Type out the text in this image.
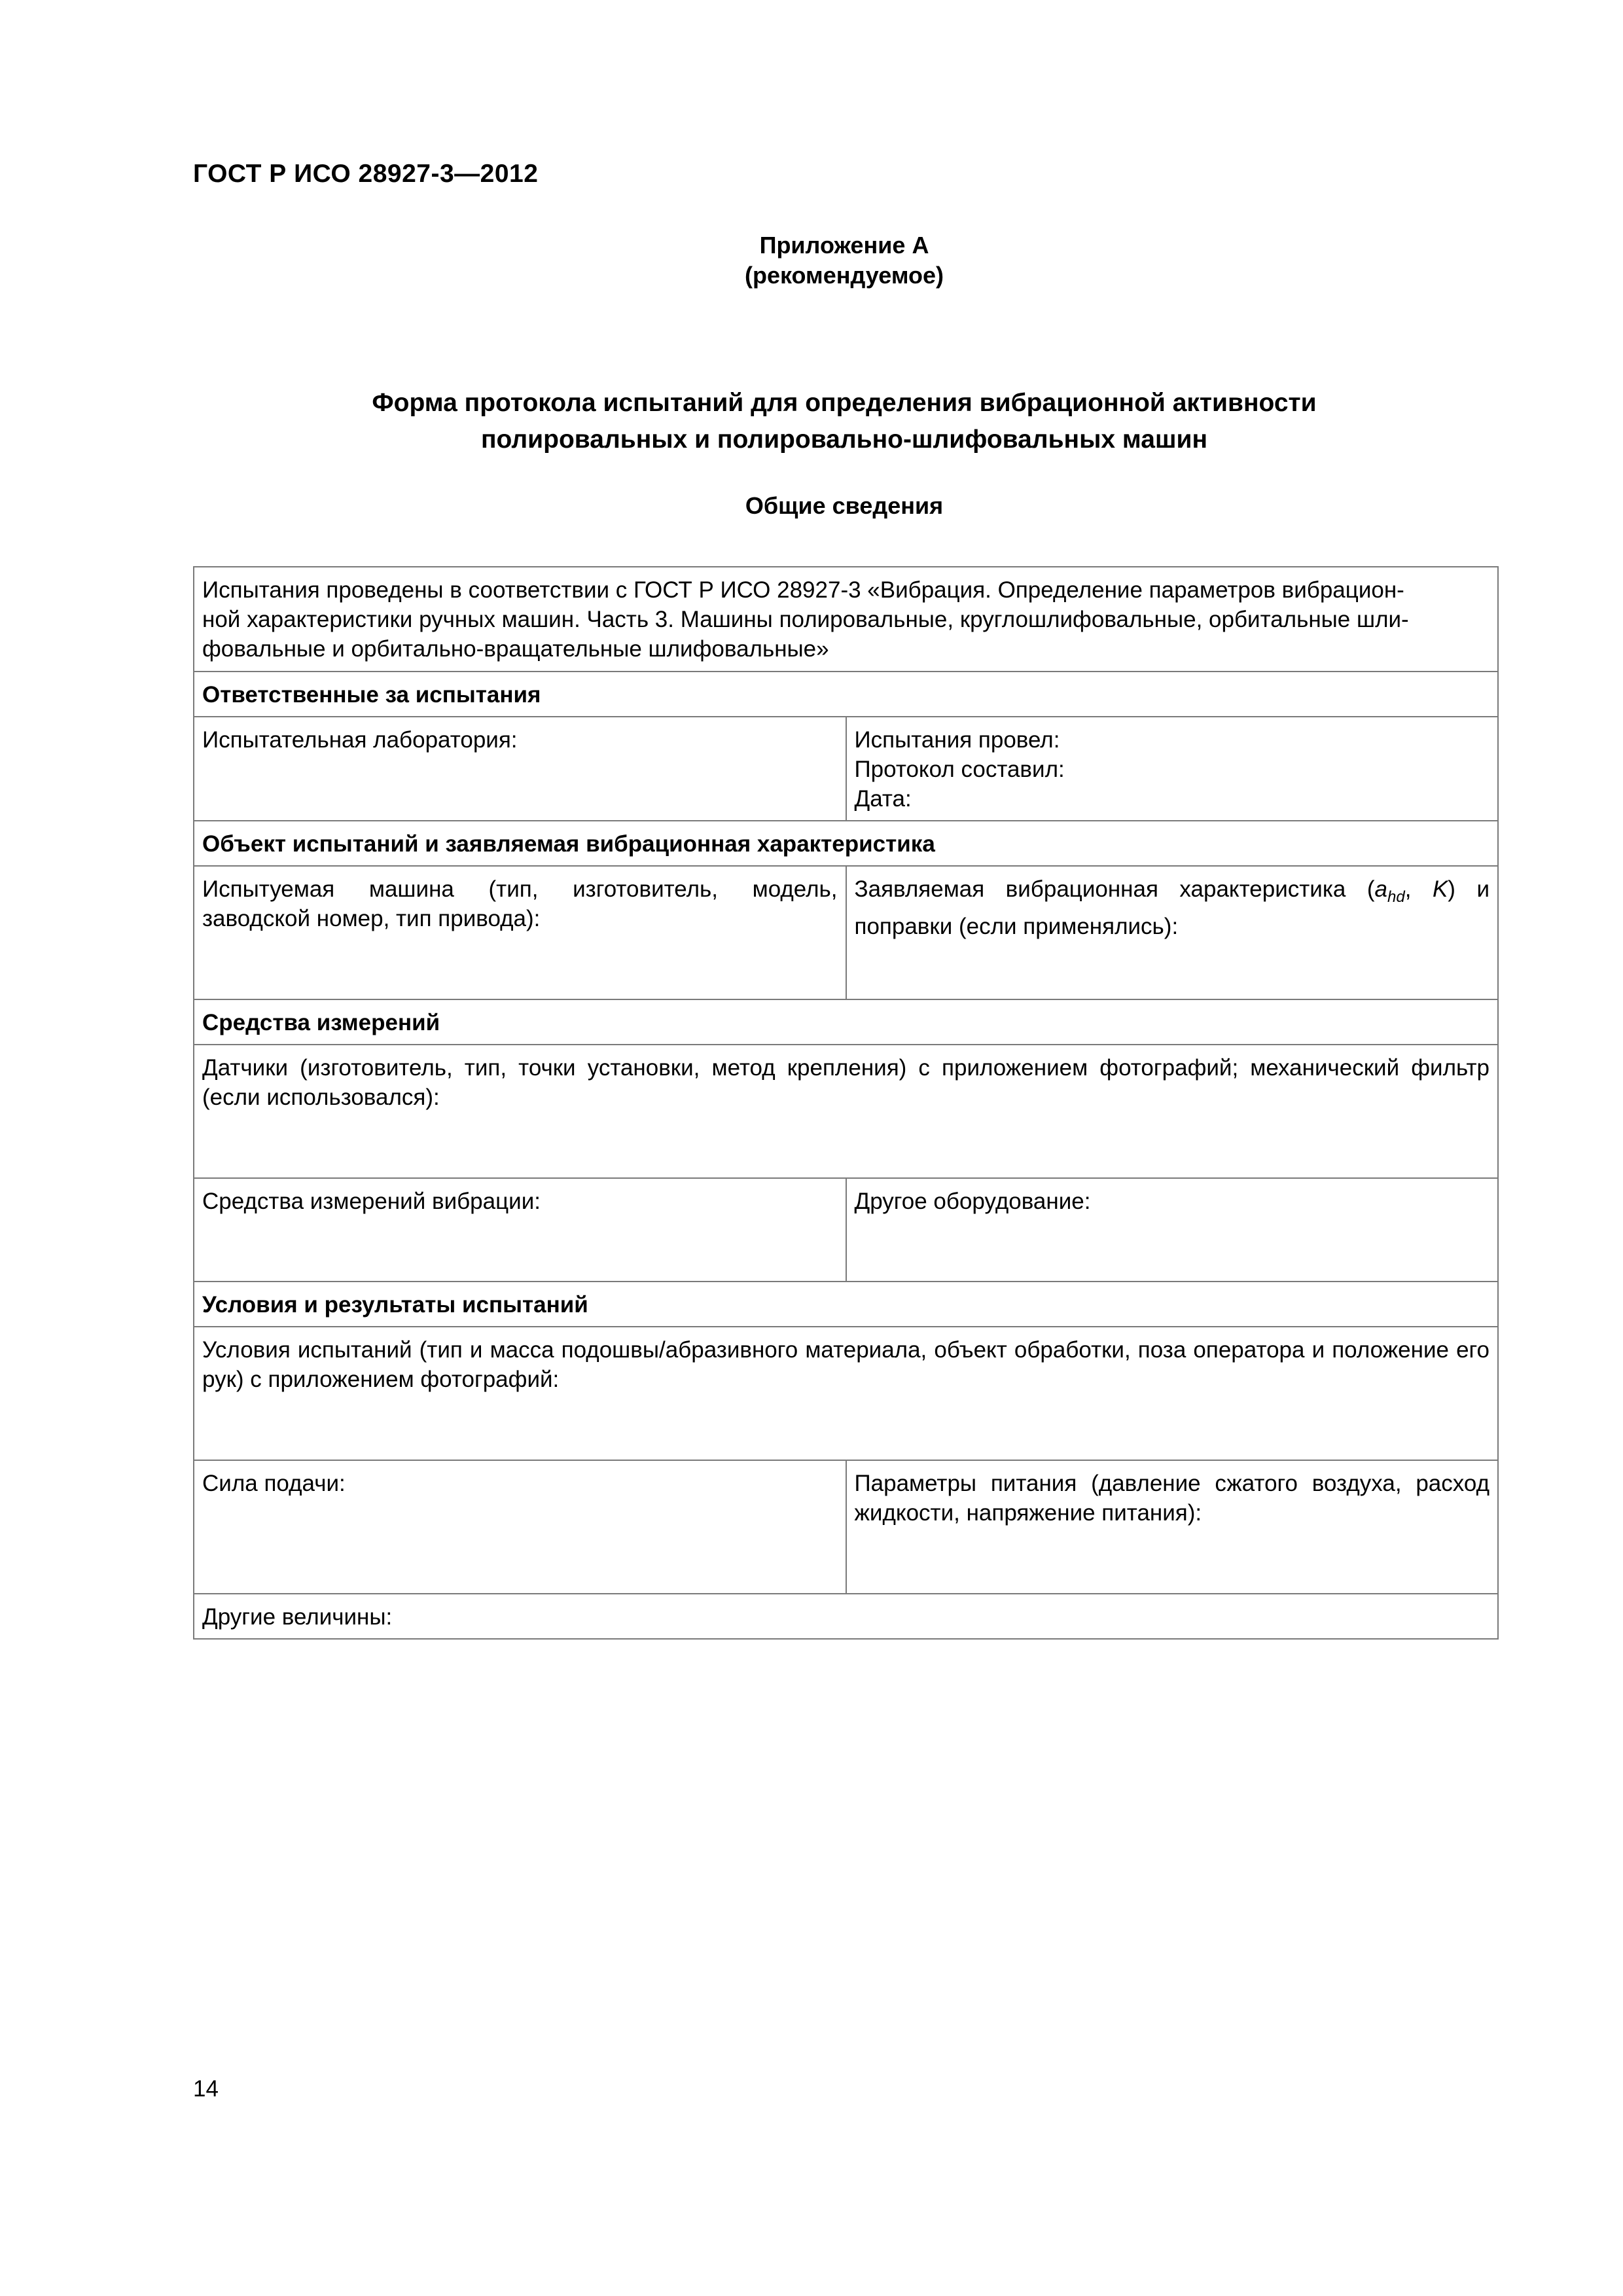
ГОСТ Р ИСО 28927-3—2012
Приложение А
(рекомендуемое)
Форма протокола испытаний для определения вибрационной активности
полировальных и полировально-шлифовальных машин
Общие сведения
Испытания проведены в соответствии с ГОСТ Р ИСО 28927-3 «Вибрация. Определение параметров вибрацион-
ной характеристики ручных машин. Часть 3. Машины полировальные, круглошлифовальные, орбитальные шли-
фовальные и орбитально-вращательные шлифовальные»	

Ответственные за испытания	
Испытательная лаборатория:	Испытания провел:
Протокол составил:
Дата:

Объект испытаний и заявляемая вибрационная характеристика	
Испытуемая машина (тип, изготовитель, модель, заводской номер, тип привода):	Заявляемая вибрационная характеристика ($a_{hd}$, K) и поправки (если применялись):
Средства измерений	
Датчики (изготовитель, тип, точки установки, метод крепления) с приложением фотографий; механический фильтр (если использовался):	
Средства измерений вибрации:	Другое оборудование:
Условия и результаты испытаний	
Условия испытаний (тип и масса подошвы/абразивного материала, объект обработки, поза оператора и положение его рук) с приложением фотографий:	
Сила подачи:	Параметры питания (давление сжатого воздуха, расход жидкости, напряжение питания):
Другие величины:	
14
